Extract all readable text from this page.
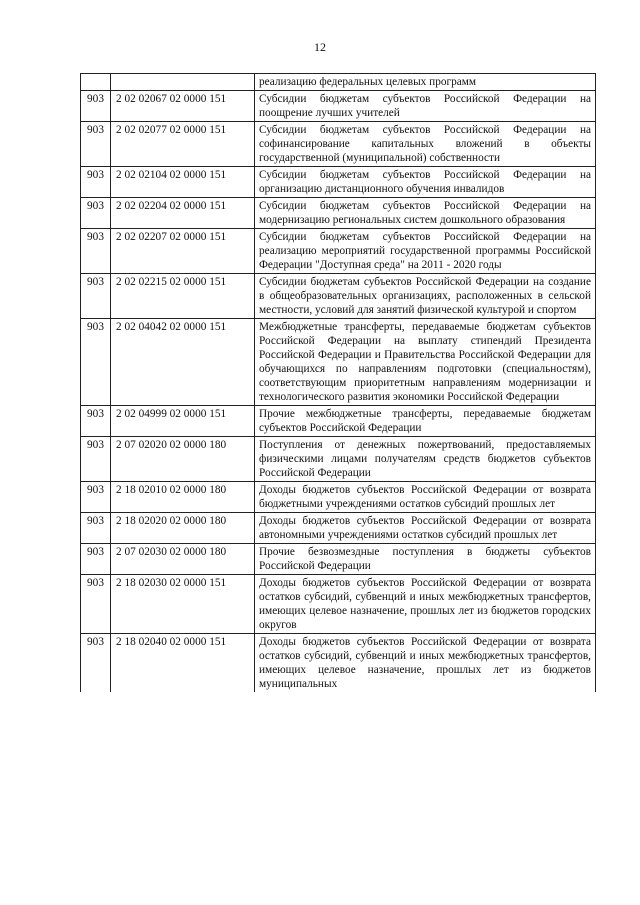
12
		реализацию федеральных целевых программ
903	2 02 02067 02 0000 151	Субсидии бюджетам субъектов Российской Федерации на поощрение лучших учителей
903	2 02 02077 02 0000 151	Субсидии бюджетам субъектов Российской Федерации на софинансирование капитальных вложений в объекты государственной (муниципальной) собственности
903	2 02 02104 02 0000 151	Субсидии бюджетам субъектов Российской Федерации на организацию дистанционного обучения инвалидов
903	2 02 02204 02 0000 151	Субсидии бюджетам субъектов Российской Федерации на модернизацию региональных систем дошкольного образования
903	2 02 02207 02 0000 151	Субсидии бюджетам субъектов Российской Федерации на реализацию мероприятий государственной программы Российской Федерации "Доступная среда" на 2011 - 2020 годы
903	2 02 02215 02 0000 151	Субсидии бюджетам субъектов Российской Федерации на создание в общеобразовательных организациях, расположенных в сельской местности, условий для занятий физической культурой и спортом
903	2 02 04042 02 0000 151	Межбюджетные трансферты, передаваемые бюджетам субъектов Российской Федерации на выплату стипендий Президента Российской Федерации и Правительства Российской Федерации для обучающихся по направлениям подготовки (специальностям), соответствующим приоритетным направлениям модернизации и технологического развития экономики Российской Федерации
903	2 02 04999 02 0000 151	Прочие межбюджетные трансферты, передаваемые бюджетам субъектов Российской Федерации
903	2 07 02020 02 0000 180	Поступления от денежных пожертвований, предоставляемых физическими лицами получателям средств бюджетов субъектов Российской Федерации
903	2 18 02010 02 0000 180	Доходы бюджетов субъектов Российской Федерации от возврата бюджетными учреждениями остатков субсидий прошлых лет
903	2 18 02020 02 0000 180	Доходы бюджетов субъектов Российской Федерации от возврата автономными учреждениями остатков субсидий прошлых лет
903	2 07 02030 02 0000 180	Прочие безвозмездные поступления в бюджеты субъектов Российской Федерации
903	2 18 02030 02 0000 151	Доходы бюджетов субъектов Российской Федерации от возврата остатков субсидий, субвенций и иных межбюджетных трансфертов, имеющих целевое назначение, прошлых лет из бюджетов городских округов
903	2 18 02040 02 0000 151	Доходы бюджетов субъектов Российской Федерации от возврата остатков субсидий, субвенций и иных межбюджетных трансфертов, имеющих целевое назначение, прошлых лет из бюджетов муниципальных
